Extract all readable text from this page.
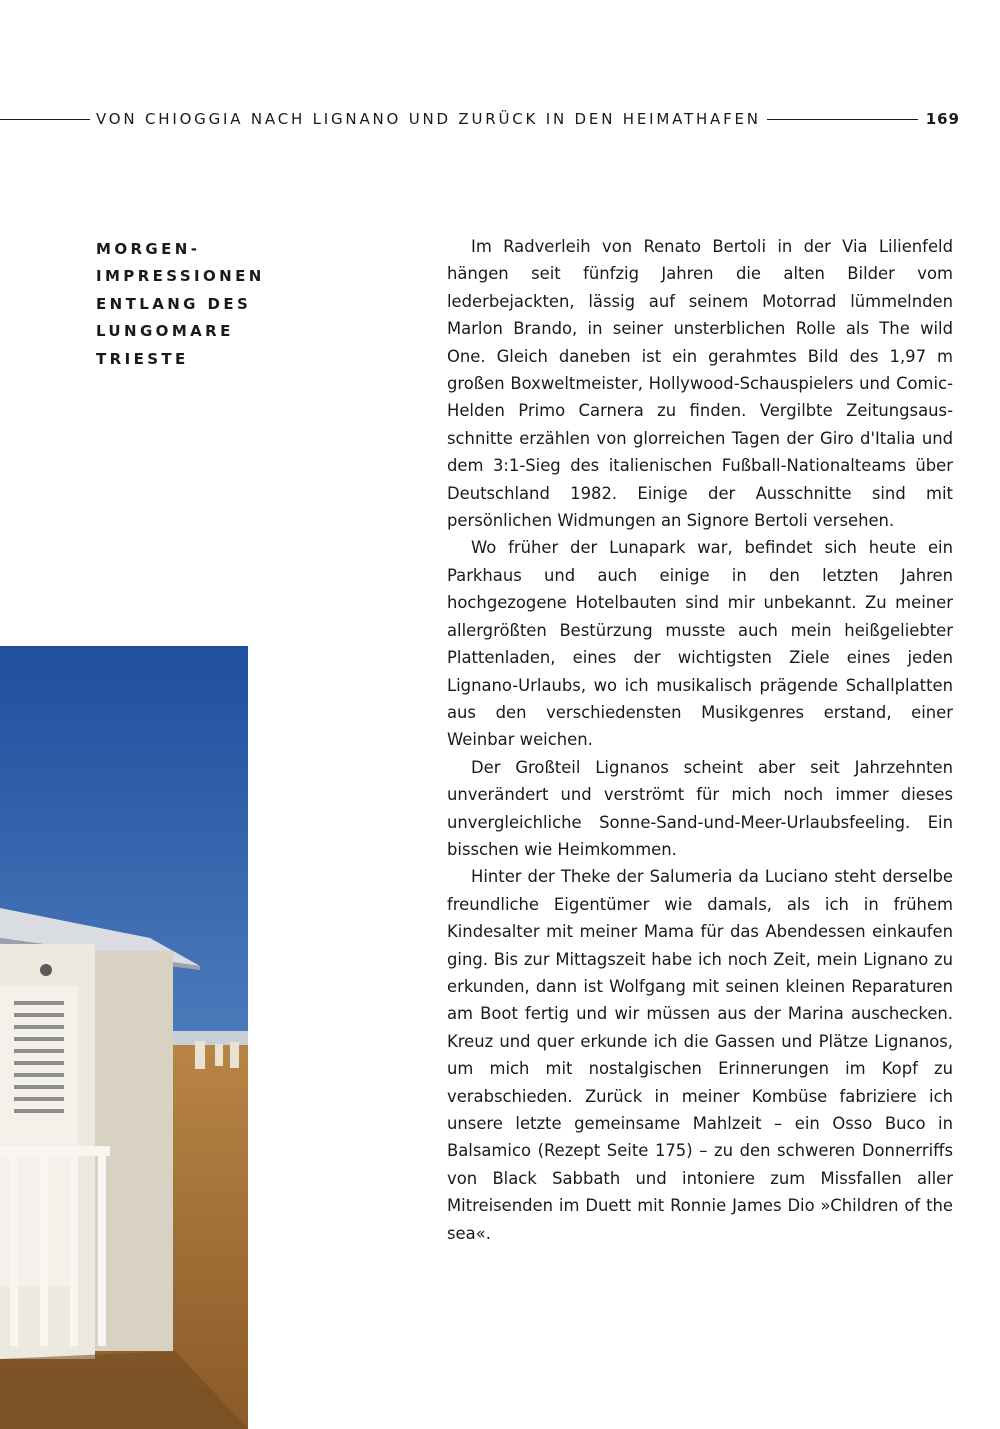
VON CHIOGGIA NACH LIGNANO UND ZURÜCK IN DEN HEIMATHAFEN	169
MORGEN-
IMPRESSIONEN
ENTLANG DES
LUNGOMARE
TRIESTE

Im Radverleih von Renato Bertoli in der Via Lilienfeld hängen seit fünfzig Jahren die alten Bilder vom lederbejackten, lässig auf seinem Motorrad lümmelnden Marlon Brando, in seiner unsterblichen Rolle als The wild One. Gleich daneben ist ein gerahmtes Bild des 1,97 m großen Boxweltmeister, Hollywood-Schauspielers und Comic-Helden Primo Carnera zu finden. Vergilbte Zeitungsausschnitte erzählen von glorreichen Tagen der Giro d'Italia und dem 3:1-Sieg des italienischen Fußball-Nationalteams über Deutschland 1982. Einige der Ausschnitte sind mit persönlichen Widmungen an Signore Bertoli versehen.

Wo früher der Lunapark war, befindet sich heute ein Parkhaus und auch einige in den letzten Jahren hochgezogene Hotelbauten sind mir unbekannt. Zu meiner allergrößten Bestürzung musste auch mein heißgeliebter Plattenladen, eines der wichtigsten Ziele eines jeden Lignano-Urlaubs, wo ich musikalisch prägende Schallplatten aus den verschiedensten Musikgenres erstand, einer Weinbar weichen.

Der Großteil Lignanos scheint aber seit Jahrzehnten unverändert und verströmt für mich noch immer dieses unvergleichliche Sonne-Sand-und-Meer-Urlaubsfeeling. Ein bisschen wie Heimkommen.

Hinter der Theke der Salumeria da Luciano steht derselbe freundliche Eigentümer wie damals, als ich in frühem Kindesalter mit meiner Mama für das Abendessen einkaufen ging. Bis zur Mittagszeit habe ich noch Zeit, mein Lignano zu erkunden, dann ist Wolfgang mit seinen kleinen Reparaturen am Boot fertig und wir müssen aus der Marina auschecken. Kreuz und quer erkunde ich die Gassen und Plätze Lignanos, um mich mit nostalgischen Erinnerungen im Kopf zu verabschieden. Zurück in meiner Kombüse fabriziere ich unsere letzte gemeinsame Mahlzeit – ein Osso Buco in Balsamico (Rezept Seite 175) – zu den schweren Donnerriffs von Black Sabbath und intoniere zum Missfallen aller Mitreisenden im Duett mit Ronnie James Dio »Children of the sea«.
